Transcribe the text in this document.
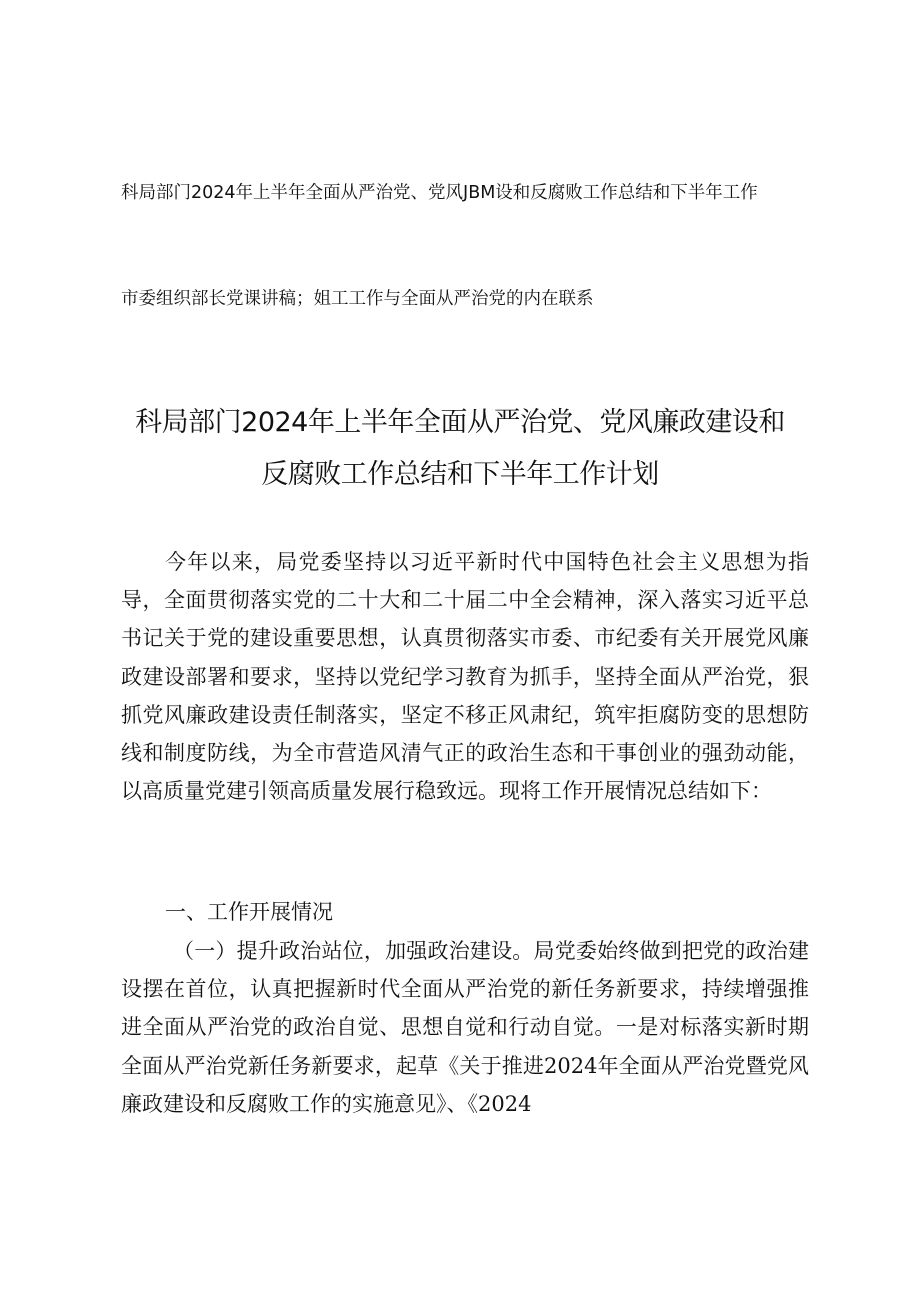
科局部门2024年上半年全面从严治党、党风JBM设和反腐败工作总结和下半年工作
市委组织部长党课讲稿；姐工工作与全面从严治党的内在联系
科局部门2024年上半年全面从严治党、党风廉政建设和
反腐败工作总结和下半年工作计划
今年以来，局党委坚持以习近平新时代中国特色社会主义思想为指导，全面贯彻落实党的二十大和二十届二中全会精神，深入落实习近平总书记关于党的建设重要思想，认真贯彻落实市委、市纪委有关开展党风廉政建设部署和要求，坚持以党纪学习教育为抓手，坚持全面从严治党，狠抓党风廉政建设责任制落实，坚定不移正风肃纪，筑牢拒腐防变的思想防线和制度防线，为全市营造风清气正的政治生态和干事创业的强劲动能，以高质量党建引领高质量发展行稳致远。现将工作开展情况总结如下：
一、工作开展情况
（一）提升政治站位，加强政治建设。局党委始终做到把党的政治建设摆在首位，认真把握新时代全面从严治党的新任务新要求，持续增强推进全面从严治党的政治自觉、思想自觉和行动自觉。一是对标落实新时期全面从严治党新任务新要求，起草《关于推进2024年全面从严治党暨党风廉政建设和反腐败工作的实施意见》、《2024
